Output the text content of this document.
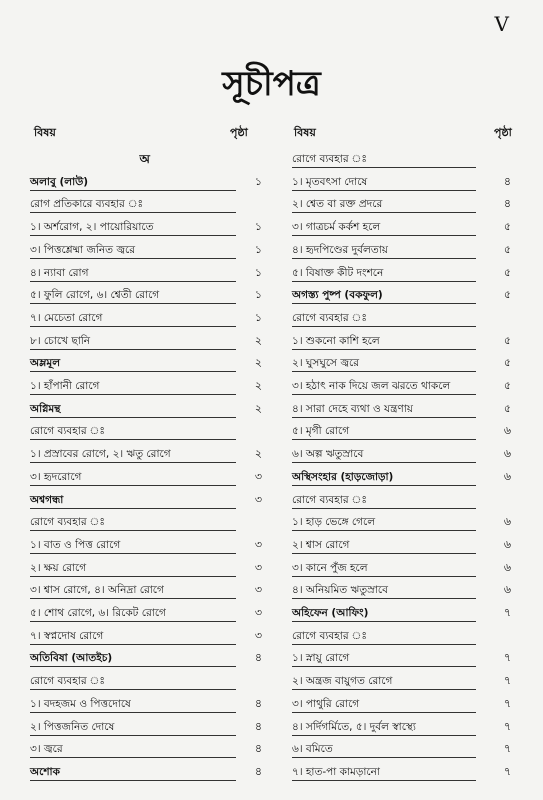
V
সূচীপত্র
বিষয়	পৃষ্ঠা	বিষয়	পৃষ্ঠা
অ
অলাবু (লাউ)	১
রোগ প্রতিকারে ব্যবহার ঃ
১। অর্শরোগ, ২। পায়োরিয়াতে	১
৩। পিত্তশ্লেষ্মা জনিত জ্বরে	১
৪। ন্যাবা রোগ	১
৫। ফুলি রোগে, ৬। শ্বেতী রোগে	১
৭। মেচেতা রোগে	১
৮। চোখে ছানি	২
অম্লমূল	২
১। হাঁপানী রোগে	২
অগ্নিমন্থ	২
রোগে ব্যবহার ঃ
১। প্রস্রাবের রোগে, ২। ঋতু রোগে	২
৩। হৃদরোগে	৩
অশ্বগন্ধা	৩
রোগে ব্যবহার ঃ
১। বাত ও পিত্ত রোগে	৩
২। ক্ষয় রোগে	৩
৩। শ্বাস রোগে, ৪। অনিদ্রা রোগে	৩
৫। শোথ রোগে, ৬। রিকেট রোগে	৩
৭। স্বপ্নদোষ রোগে	৩
অতিবিষা (আতইচ)	৪
রোগে ব্যবহার ঃ
১। বদহজম ও পিত্তদোষে	৪
২। পিত্তজনিত দোষে	৪
৩। জ্বরে	৪
অশোক	৪
রোগে ব্যবহার ঃ
১। মৃতবৎসা দোষে	৪
২। শ্বেত বা রক্ত প্রদরে	৪
৩। গাত্রচর্ম কর্কশ হলে	৫
৪। হৃদপিণ্ডের দুর্বলতায়	৫
৫। বিষাক্ত কীট দংশনে	৫
অগস্ত্য পুষ্প (বকফুল)	৫
রোগে ব্যবহার ঃ
১। শুকনো কাশি হলে	৫
২। ঘুসঘুসে জ্বরে	৫
৩। হঠাৎ নাক দিয়ে জল ঝরতে থাকলে	৫
৪। সারা দেহে ব্যথা ও যন্ত্রণায়	৫
৫। মৃগী রোগে	৬
৬। অল্প ঋতুস্রাবে	৬
অস্থিসংহার (হাড়জোড়া)	৬
রোগে ব্যবহার ঃ
১। হাড় ভেঙ্গে গেলে	৬
২। শ্বাস রোগে	৬
৩। কানে পুঁজ হলে	৬
৪। অনিয়মিত ঋতুস্রাবে	৬
অহিফেন (আফিং)	৭
রোগে ব্যবহার ঃ
১। স্নায়ু রোগে	৭
২। অন্ত্রজ বায়ুগত রোগে	৭
৩। পাথুরি রোগে	৭
৪। সর্দিগর্মিতে, ৫। দুর্বল স্বাস্থ্যে	৭
৬। বমিতে	৭
৭। হাত-পা কামড়ানো	৭
